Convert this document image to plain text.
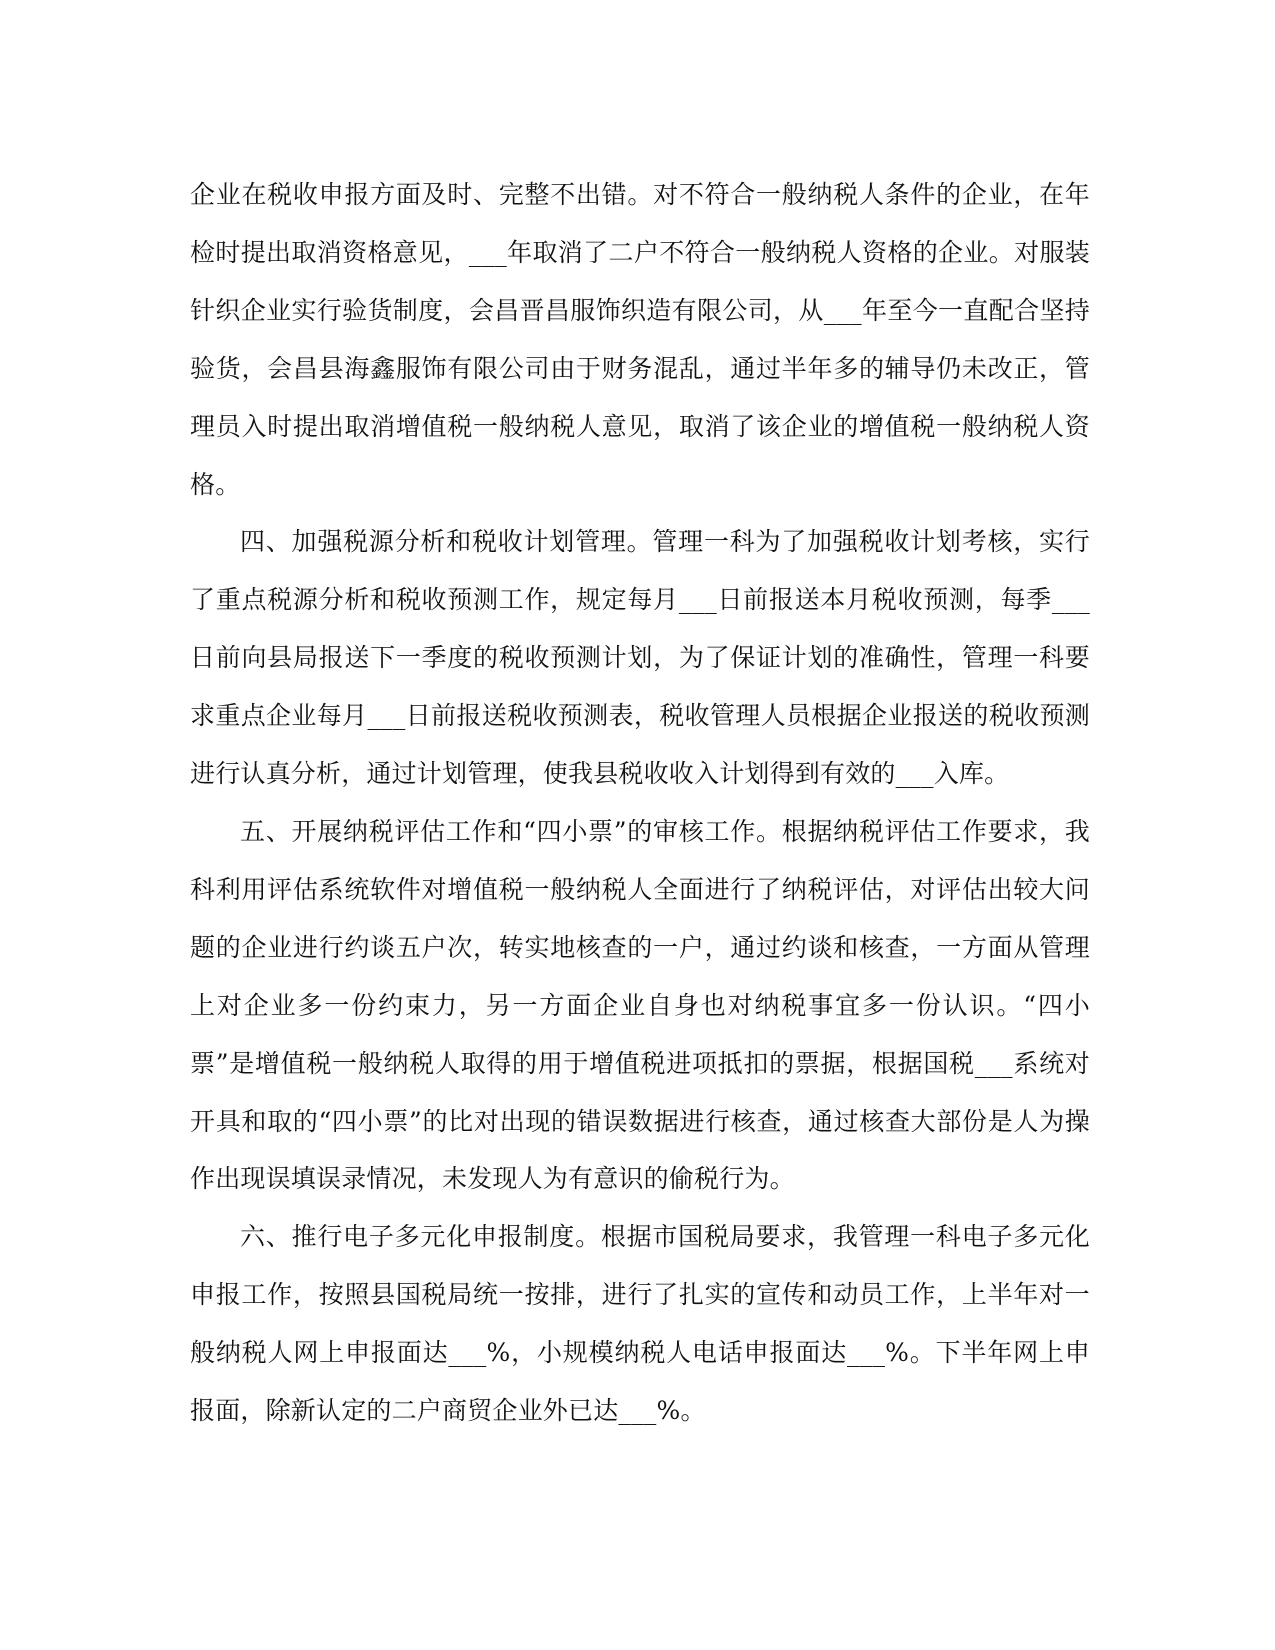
企业在税收申报方面及时、完整不出错。对不符合一般纳税人条件的企业，在年检时提出取消资格意见，___年取消了二户不符合一般纳税人资格的企业。对服装针织企业实行验货制度，会昌晋昌服饰织造有限公司，从___年至今一直配合坚持验货，会昌县海鑫服饰有限公司由于财务混乱，通过半年多的辅导仍未改正，管理员入时提出取消增值税一般纳税人意见，取消了该企业的增值税一般纳税人资格。

四、加强税源分析和税收计划管理。管理一科为了加强税收计划考核，实行了重点税源分析和税收预测工作，规定每月___日前报送本月税收预测，每季___日前向县局报送下一季度的税收预测计划，为了保证计划的准确性，管理一科要求重点企业每月___日前报送税收预测表，税收管理人员根据企业报送的税收预测进行认真分析，通过计划管理，使我县税收收入计划得到有效的___入库。

五、开展纳税评估工作和“四小票”的审核工作。根据纳税评估工作要求，我科利用评估系统软件对增值税一般纳税人全面进行了纳税评估，对评估出较大问题的企业进行约谈五户次，转实地核查的一户，通过约谈和核查，一方面从管理上对企业多一份约束力，另一方面企业自身也对纳税事宜多一份认识。“四小票”是增值税一般纳税人取得的用于增值税进项抵扣的票据，根据国税___系统对开具和取的“四小票”的比对出现的错误数据进行核查，通过核查大部份是人为操作出现误填误录情况，未发现人为有意识的偷税行为。

六、推行电子多元化申报制度。根据市国税局要求，我管理一科电子多元化申报工作，按照县国税局统一按排，进行了扎实的宣传和动员工作，上半年对一般纳税人网上申报面达___%，小规模纳税人电话申报面达___%。下半年网上申报面，除新认定的二户商贸企业外已达___%。
